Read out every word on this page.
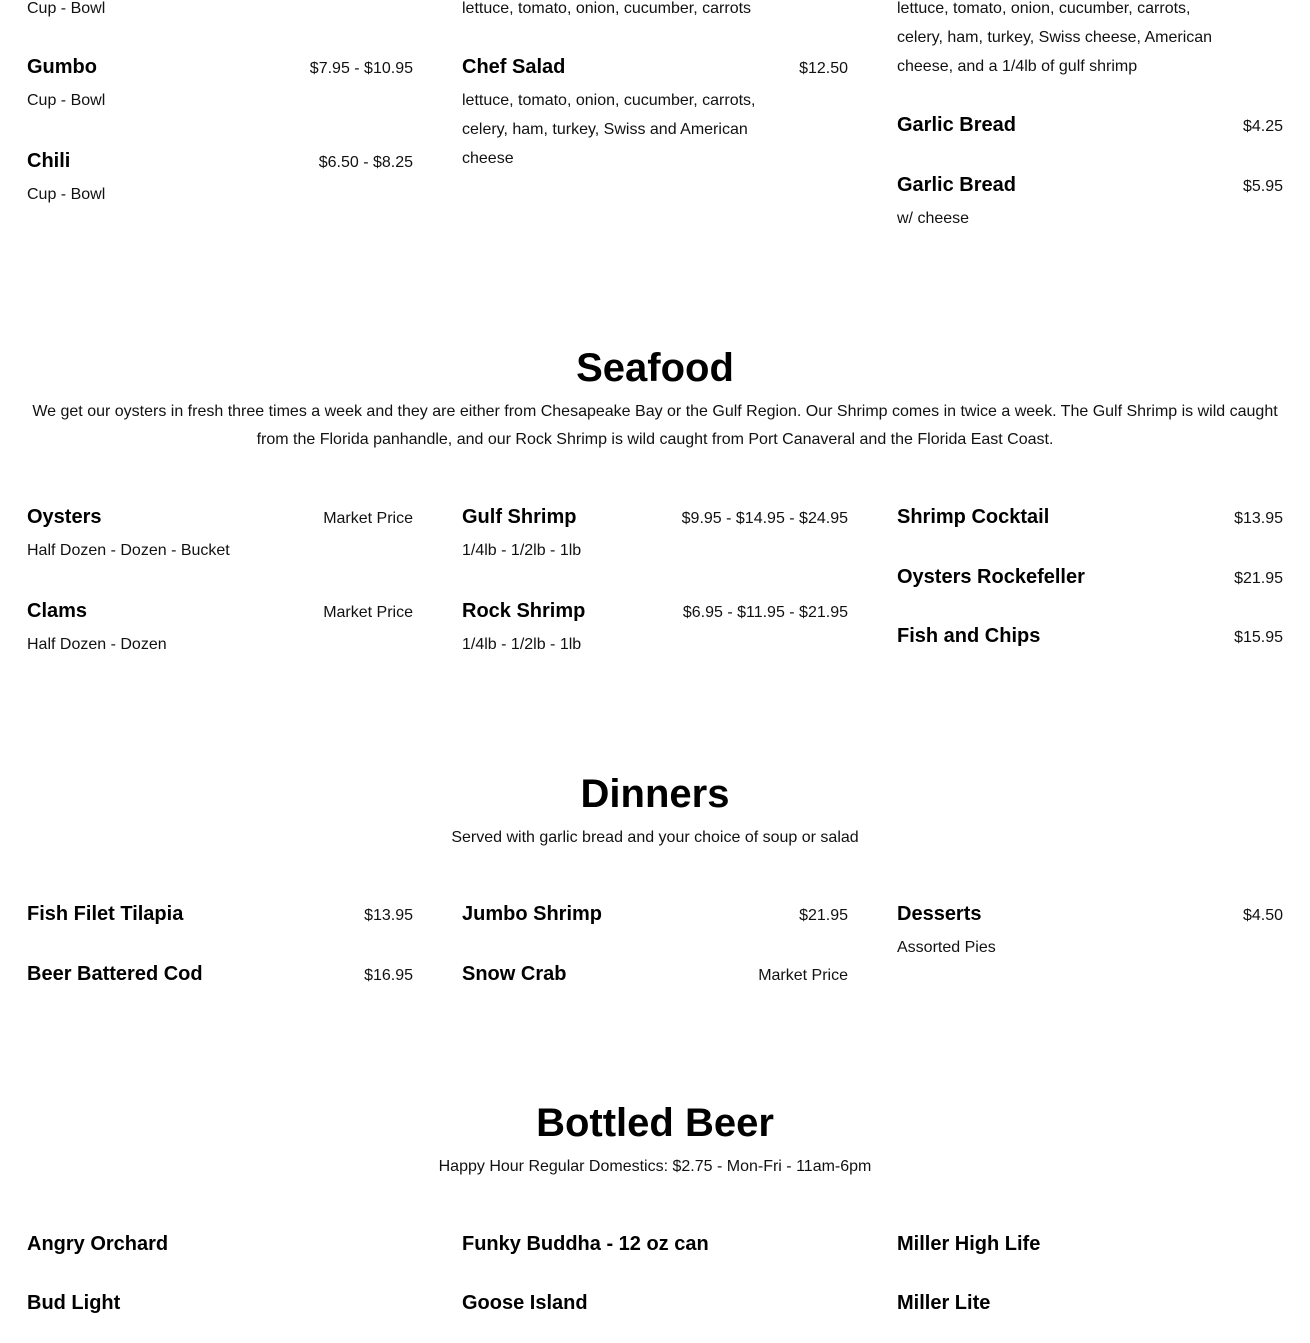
Cup - Bowl	lettuce, tomato, onion, cucumber, carrots	lettuce, tomato, onion, cucumber, carrots, celery, ham, turkey, Swiss cheese, American cheese, and a 1/4lb of gulf shrimp
Gumbo	$7.95 - $10.95
Cup - Bowl
Chili	$6.50 - $8.25
Cup - Bowl
Chef Salad	$12.50
lettuce, tomato, onion, cucumber, carrots, celery, ham, turkey, Swiss and American cheese
Garlic Bread	$4.25
Garlic Bread	$5.95
w/ cheese
Seafood

We get our oysters in fresh three times a week and they are either from Chesapeake Bay or the Gulf Region. Our Shrimp comes in twice a week. The Gulf Shrimp is wild caught from the Florida panhandle, and our Rock Shrimp is wild caught from Port Canaveral and the Florida East Coast.

Oysters	Market Price
Half Dozen - Dozen - Bucket
Clams	Market Price
Half Dozen - Dozen
Gulf Shrimp	$9.95 - $14.95 - $24.95
1/4lb - 1/2lb - 1lb
Rock Shrimp	$6.95 - $11.95 - $21.95
1/4lb - 1/2lb - 1lb
Shrimp Cocktail	$13.95
Oysters Rockefeller	$21.95
Fish and Chips	$15.95
Dinners

Served with garlic bread and your choice of soup or salad

Fish Filet Tilapia	$13.95
Beer Battered Cod	$16.95
Jumbo Shrimp	$21.95
Snow Crab	Market Price
Desserts	$4.50
Assorted Pies
Bottled Beer

Happy Hour Regular Domestics: $2.75 - Mon-Fri - 11am-6pm

Angry Orchard
Bud Light
Funky Buddha - 12 oz can
Goose Island
Miller High Life
Miller Lite
